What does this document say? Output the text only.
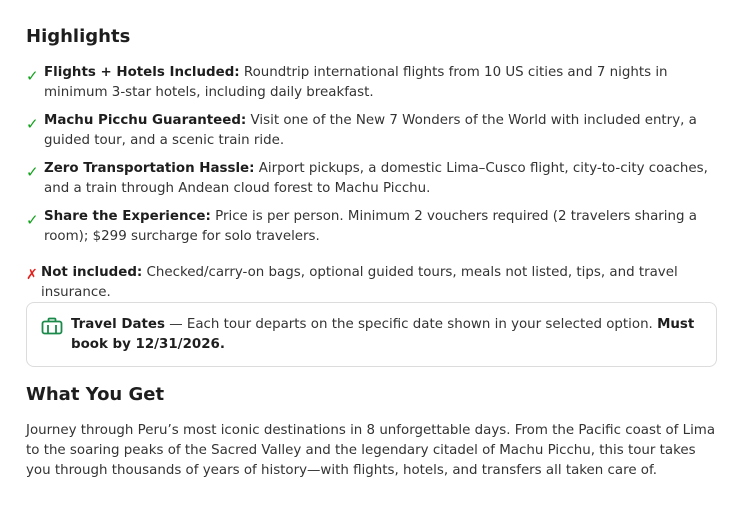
Highlights
✓ Flights + Hotels Included: Roundtrip international flights from 10 US cities and 7 nights in minimum 3-star hotels, including daily breakfast.
✓ Machu Picchu Guaranteed: Visit one of the New 7 Wonders of the World with included entry, a guided tour, and a scenic train ride.
✓ Zero Transportation Hassle: Airport pickups, a domestic Lima–Cusco flight, city-to-city coaches, and a train through Andean cloud forest to Machu Picchu.
✓ Share the Experience: Price is per person. Minimum 2 vouchers required (2 travelers sharing a room); $299 surcharge for solo travelers.
✗ Not included: Checked/carry-on bags, optional guided tours, meals not listed, tips, and travel insurance.
Travel Dates — Each tour departs on the specific date shown in your selected option. Must book by 12/31/2026.
What You Get

Journey through Peru’s most iconic destinations in 8 unforgettable days. From the Pacific coast of Lima to the soaring peaks of the Sacred Valley and the legendary citadel of Machu Picchu, this tour takes you through thousands of years of history—with flights, hotels, and transfers all taken care of.
